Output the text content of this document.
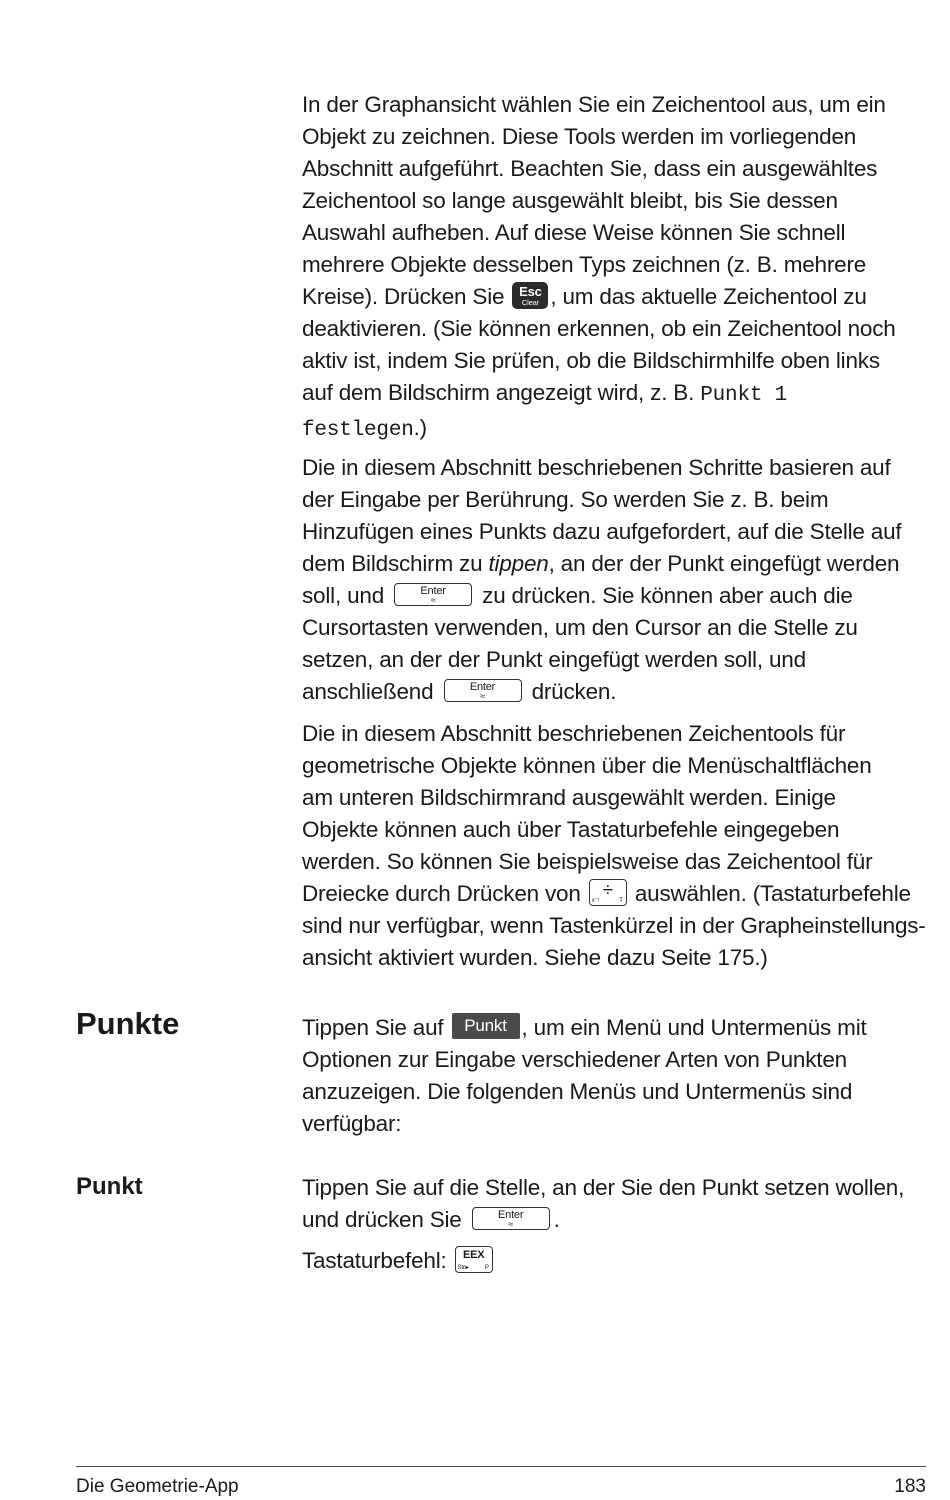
In der Graphansicht wählen Sie ein Zeichentool aus, um ein

Objekt zu zeichnen. Diese Tools werden im vorliegenden

Abschnitt aufgeführt. Beachten Sie, dass ein ausgewähltes

Zeichentool so lange ausgewählt bleibt, bis Sie dessen

Auswahl aufheben. Auf diese Weise können Sie schnell

mehrere Objekte desselben Typs zeichnen (z. B. mehrere

Kreise). Drücken Sie	Esc
Clear , um das aktuelle Zeichentool zu

deaktivieren. (Sie können erkennen, ob ein Zeichentool noch

aktiv ist, indem Sie prüfen, ob die Bildschirmhilfe oben links

auf dem Bildschirm angezeigt wird, z. B. Punkt 1

festlegen.)

Die in diesem Abschnitt beschriebenen Schritte basieren auf

der Eingabe per Berührung. So werden Sie z. B. beim

Hinzufügen eines Punkts dazu aufgefordert, auf die Stelle auf

dem Bildschirm zu tippen, an der der Punkt eingefügt werden

soll, und	Enter
≈	zu drücken. Sie können aber auch die

Cursortasten verwenden, um den Cursor an die Stelle zu

setzen, an der der Punkt eingefügt werden soll, und

anschließend	Enter
≈	drücken.

Die in diesem Abschnitt beschriebenen Zeichentools für

geometrische Objekte können über die Menüschaltflächen

am unteren Bildschirmrand ausgewählt werden. Einige

Objekte können auch über Tastaturbefehle eingegeben

werden. So können Sie beispielsweise das Zeichentool für

Dreiecke durch Drücken von	÷
x⁻¹	T auswählen. (Tastaturbefehle

sind nur verfügbar, wenn Tastenkürzel in der Grapheinstellungs-

ansicht aktiviert wurden. Siehe dazu Seite 175.)

Punkte	Tippen Sie auf Punkt , um ein Menü und Untermenüs mit

Optionen zur Eingabe verschiedener Arten von Punkten

anzuzeigen. Die folgenden Menüs und Untermenüs sind

verfügbar:

Punkt	Tippen Sie auf die Stelle, an der Sie den Punkt setzen wollen,

und drücken Sie	Enter
≈	.

Tastaturbefehl:	EEX
Sto▸	P

Die Geometrie-App	183
